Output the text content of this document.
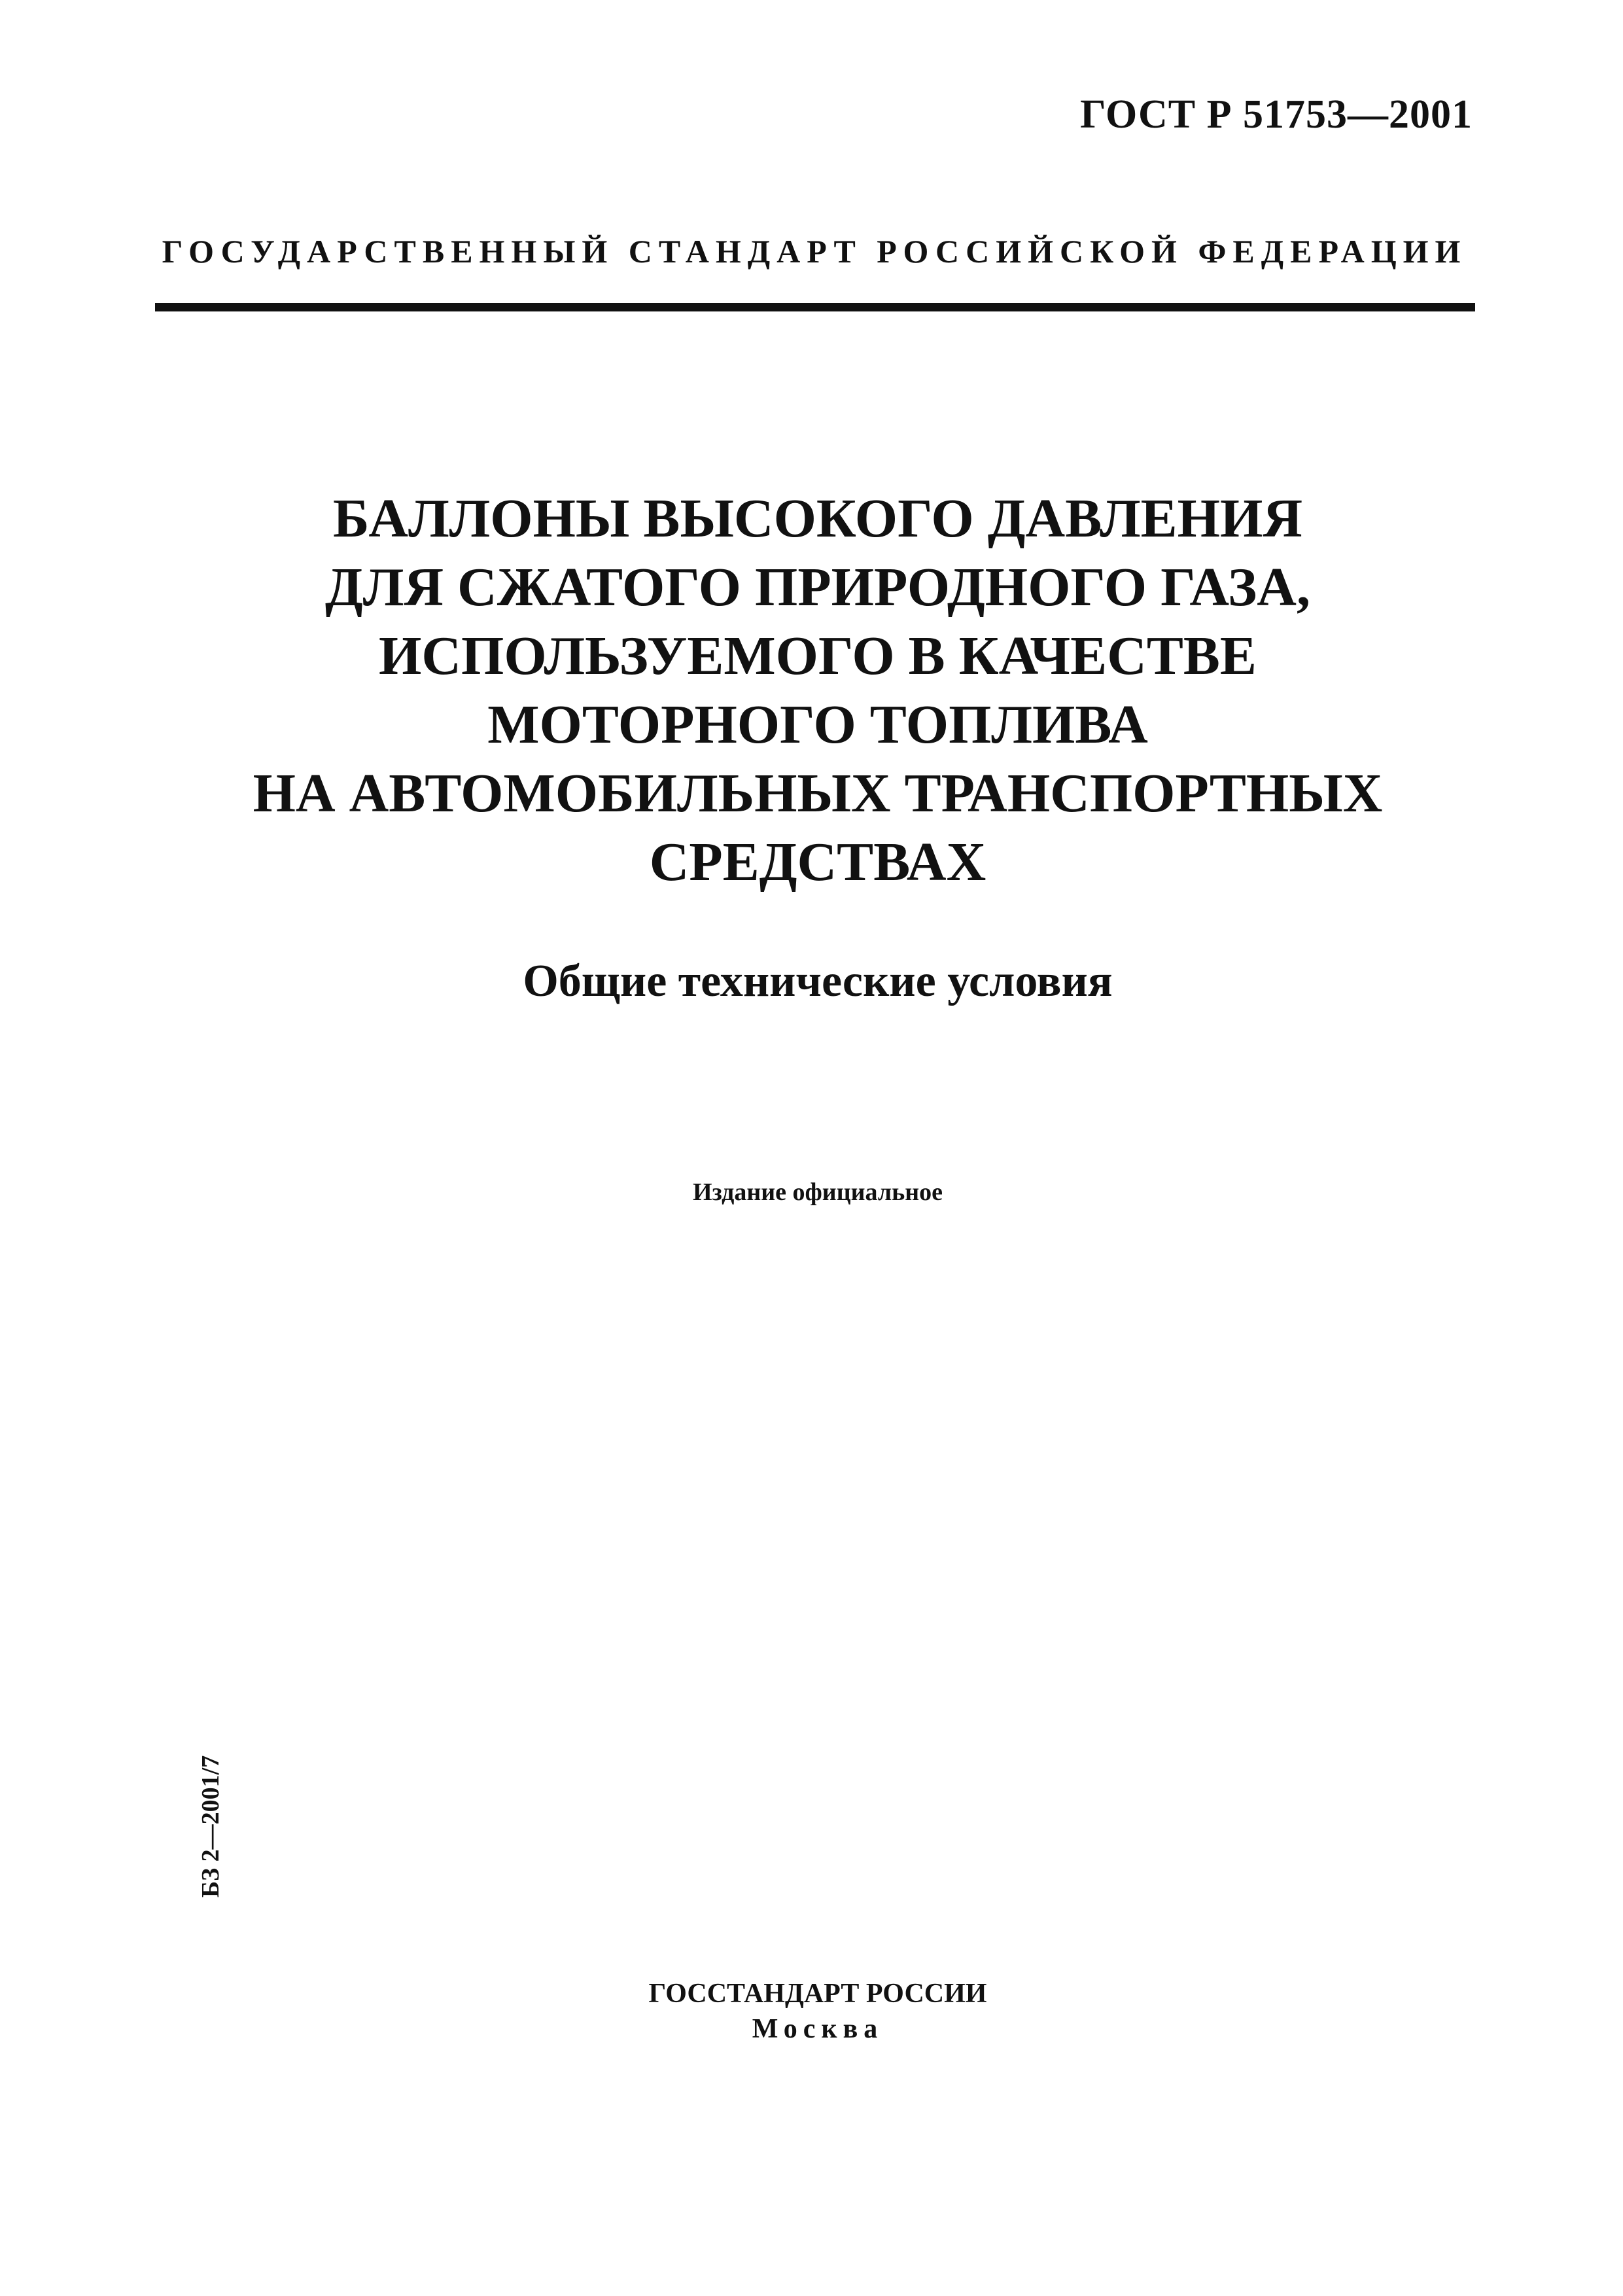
ГОСТ Р 51753—2001
ГОСУДАРСТВЕННЫЙ СТАНДАРТ РОССИЙСКОЙ ФЕДЕРАЦИИ
БАЛЛОНЫ ВЫСОКОГО ДАВЛЕНИЯ
ДЛЯ СЖАТОГО ПРИРОДНОГО ГАЗА,
ИСПОЛЬЗУЕМОГО В КАЧЕСТВЕ
МОТОРНОГО ТОПЛИВА
НА АВТОМОБИЛЬНЫХ ТРАНСПОРТНЫХ
СРЕДСТВАХ
Общие технические условия
Издание официальное
БЗ 2—2001/7
ГОССТАНДАРТ РОССИИ
Москва
